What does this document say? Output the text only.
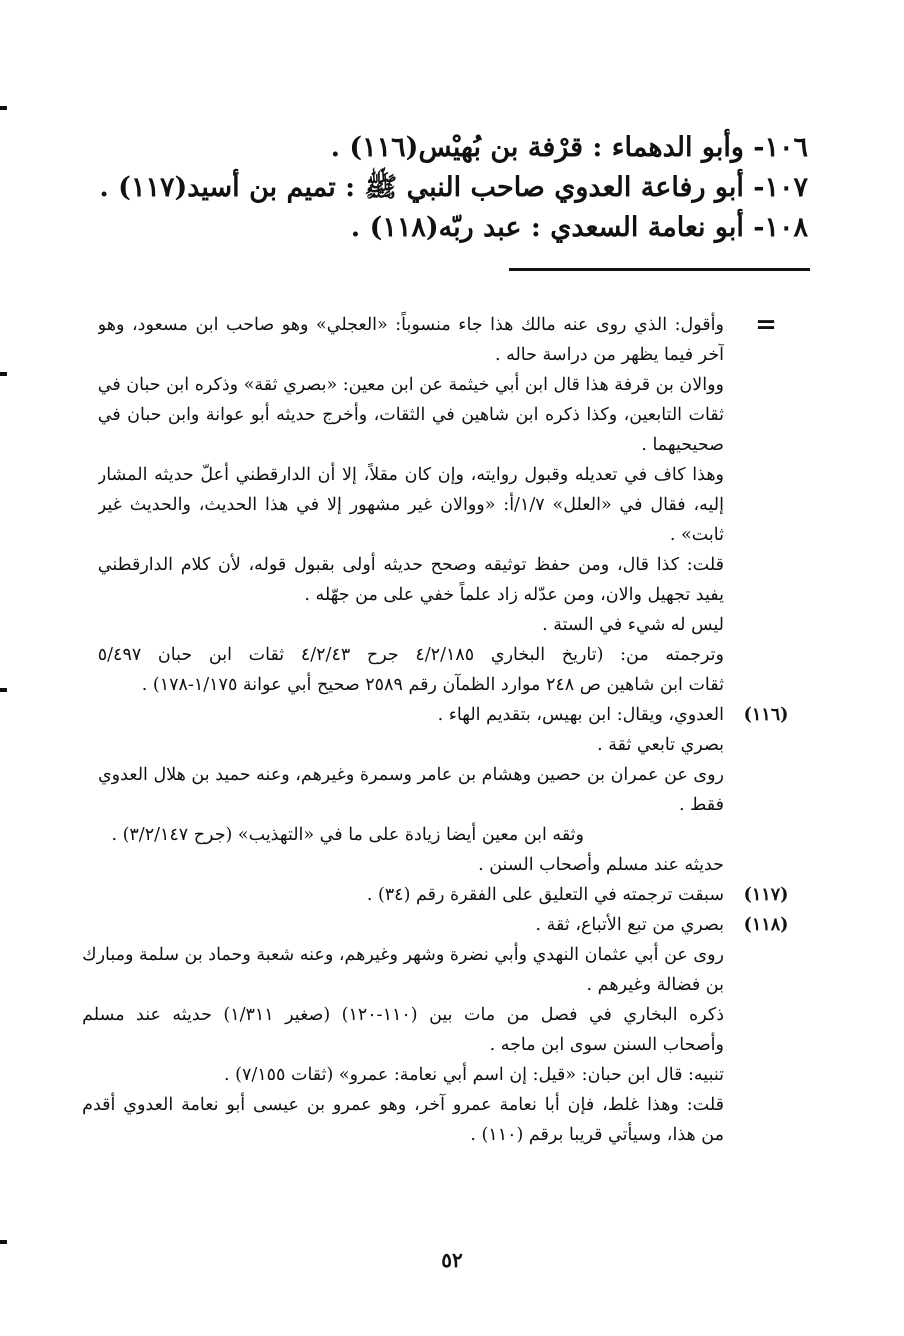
١٠٦- وأبو الدهماء : قرْفة بن بُهيْس(١١٦) .
١٠٧- أبو رفاعة العدوي صاحب النبي ﷺ : تميم بن أسيد(١١٧) .
١٠٨- أبو نعامة السعدي : عبد ربّه(١١٨) .
=
وأقول: الذي روى عنه مالك هذا جاء منسوباً: «العجلي» وهو صاحب ابن مسعود، وهو
آخر فيما يظهر من دراسة حاله .
ووالان بن قرفة هذا قال ابن أبي خيثمة عن ابن معين: «بصري ثقة» وذكره ابن حبان في
ثقات التابعين، وكذا ذكره ابن شاهين في الثقات، وأخرج حديثه أبو عوانة وابن حبان في
صحيحيهما .
وهذا كاف في تعديله وقبول روايته، وإن كان مقلاً، إلا أن الدارقطني أعلّ حديثه المشار
إليه، فقال في «العلل» ١/٧/أ: «ووالان غير مشهور إلا في هذا الحديث، والحديث غير
ثابت» .
قلت: كذا قال، ومن حفظ توثيقه وصحح حديثه أولى بقبول قوله، لأن كلام الدارقطني
يفيد تجهيل والان، ومن عدّله زاد علماً خفي على من جهّله .
ليس له شيء في الستة .
وترجمته من: (تاريخ البخاري ٤/٢/١٨٥ جرح ٤/٢/٤٣ ثقات ابن حبان ٥/٤٩٧
ثقات ابن شاهين ص ٢٤٨ موارد الظمآن رقم ٢٥٨٩ صحيح أبي عوانة ١/١٧٥-١٧٨) .
(١١٦)
العدوي، ويقال: ابن بهيس، بتقديم الهاء .
بصري تابعي ثقة .
روى عن عمران بن حصين وهشام بن عامر وسمرة وغيرهم، وعنه حميد بن هلال العدوي
فقط .
وثقه ابن معين أيضا زيادة على ما في «التهذيب» (جرح ٣/٢/١٤٧) .
حديثه عند مسلم وأصحاب السنن .
(١١٧)
سبقت ترجمته في التعليق على الفقرة رقم (٣٤) .
(١١٨)
بصري من تبع الأتباع، ثقة .
روى عن أبي عثمان النهدي وأبي نضرة وشهر وغيرهم، وعنه شعبة وحماد بن سلمة ومبارك
بن فضالة وغيرهم .
ذكره البخاري في فصل من مات بين (١١٠-١٢٠) (صغير ١/٣١١) حديثه عند مسلم
وأصحاب السنن سوى ابن ماجه .
تنبيه: قال ابن حبان: «قيل: إن اسم أبي نعامة: عمرو» (ثقات ٧/١٥٥) .
قلت: وهذا غلط، فإن أبا نعامة عمرو آخر، وهو عمرو بن عيسى أبو نعامة العدوي أقدم
من هذا، وسيأتي قريبا برقم (١١٠) .
٥٢
